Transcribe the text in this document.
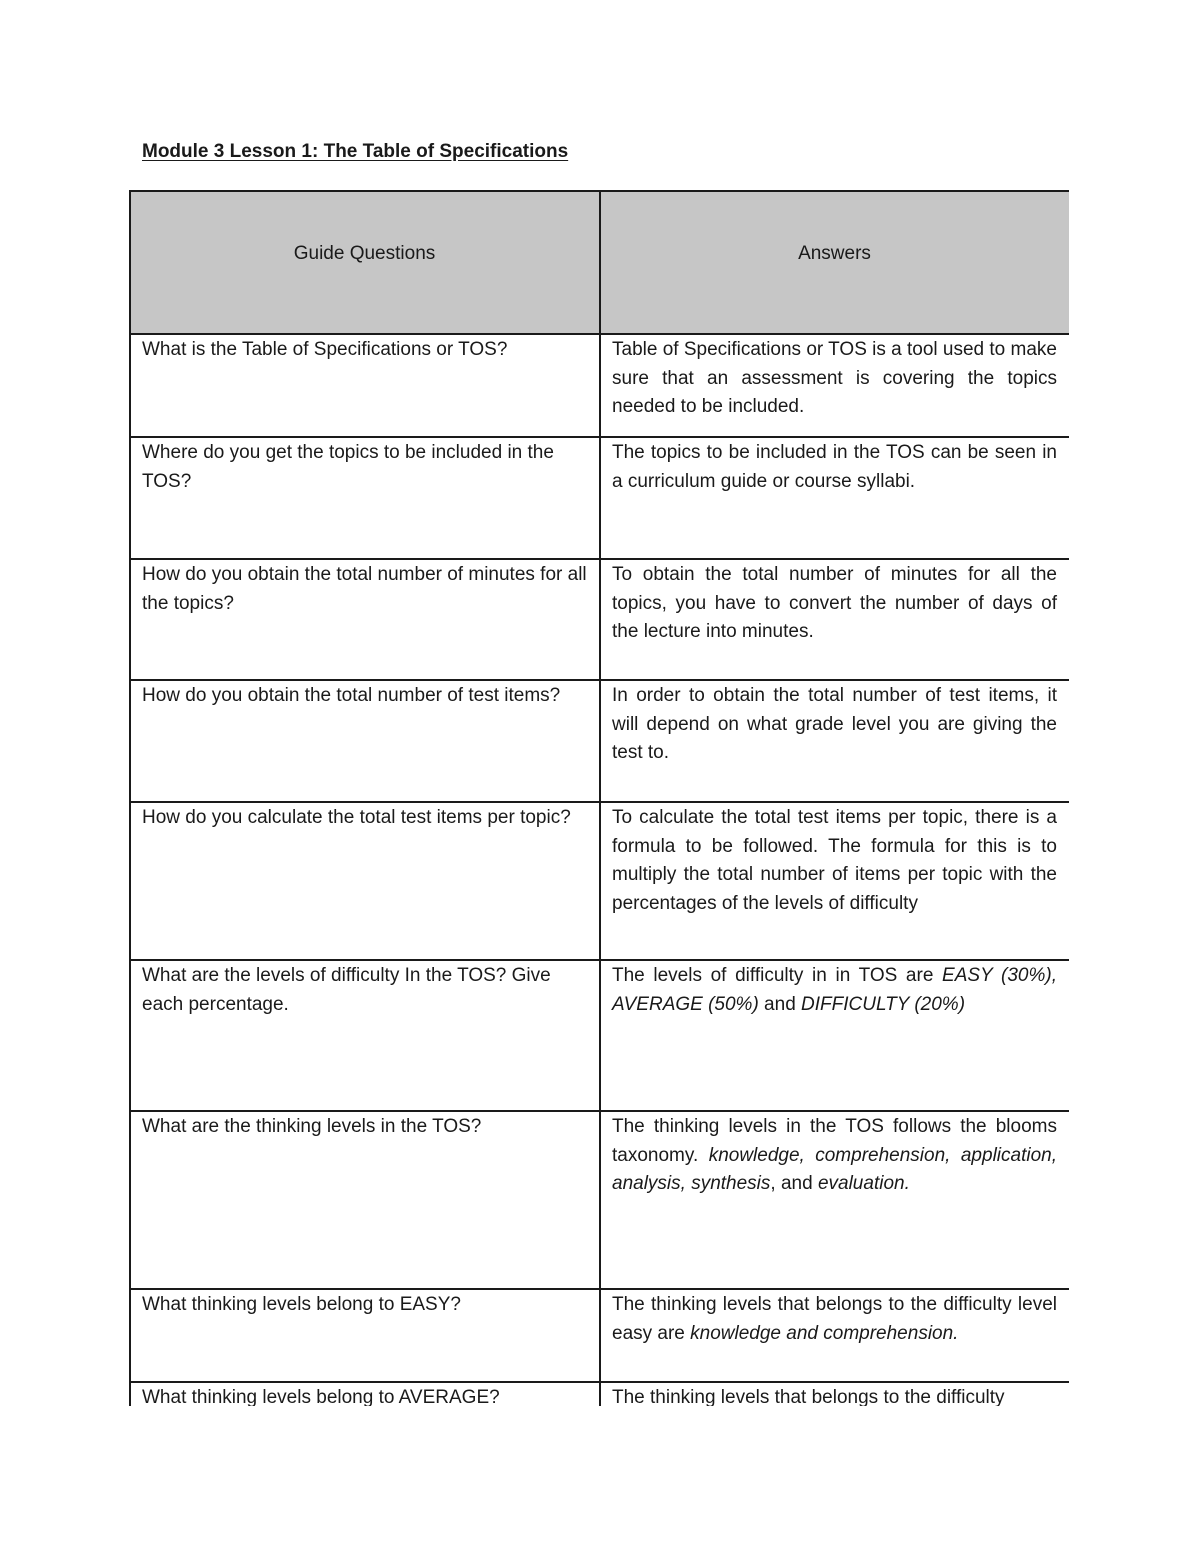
Module 3 Lesson 1: The Table of Specifications
Guide Questions	Answers
What is the Table of Specifications or TOS?	Table of Specifications or TOS is a tool used to make sure that an assessment is covering the topics needed to be included.
Where do you get the topics to be included in the TOS?	The topics to be included in the TOS can be seen in a curriculum guide or course syllabi.
How do you obtain the total number of minutes for all the topics?	To obtain the total number of minutes for all the topics, you have to convert the number of days of the lecture into minutes.
How do you obtain the total number of test items?	In order to obtain the total number of test items, it will depend on what grade level you are giving the test to.
How do you calculate the total test items per topic?	To calculate the total test items per topic, there is a formula to be followed. The formula for this is to multiply the total number of items per topic with the percentages of the levels of difficulty
What are the levels of difficulty In the TOS? Give each percentage.	The levels of difficulty in in TOS are EASY (30%), AVERAGE (50%) and DIFFICULTY (20%)
What are the thinking levels in the TOS?	The thinking levels in the TOS follows the blooms taxonomy. knowledge, comprehension, application, analysis, synthesis, and evaluation.
What thinking levels belong to EASY?	The thinking levels that belongs to the difficulty level easy are knowledge and comprehension.
What thinking levels belong to AVERAGE?	The thinking levels that belongs to the difficulty
